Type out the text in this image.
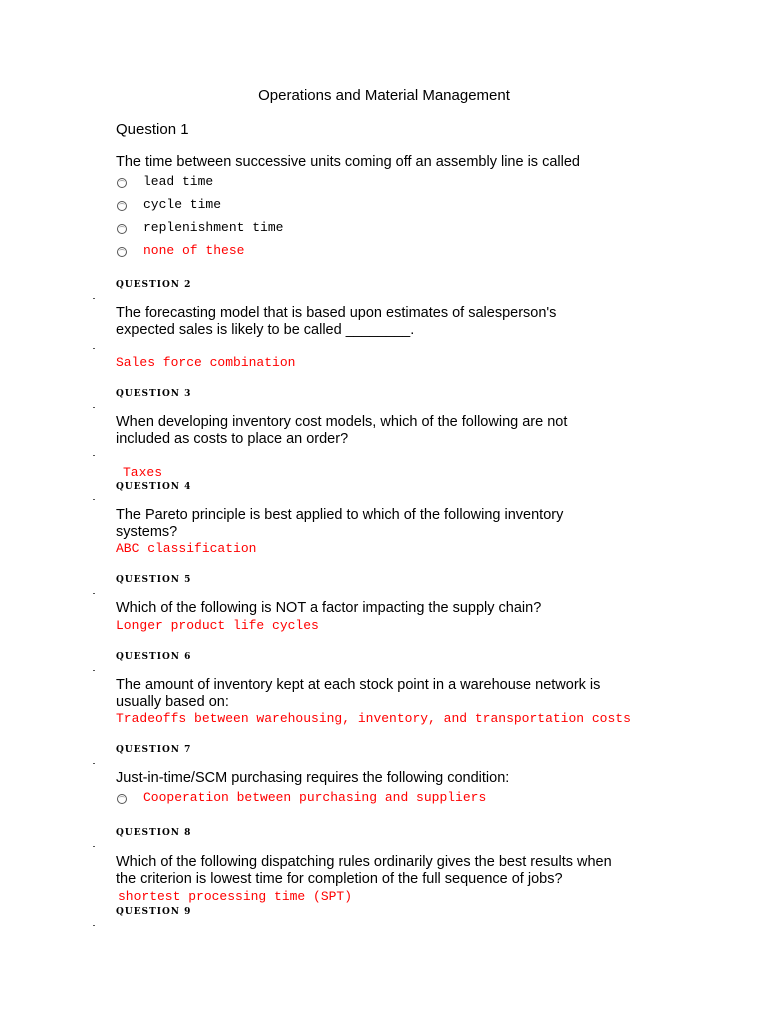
Operations and Material Management
Question 1
The time between successive units coming off an assembly line is called
lead time
cycle time
replenishment time
none of these
QUESTION 2
The forecasting model that is based upon estimates of salesperson's
expected sales is likely to be called ________.
Sales force combination
QUESTION 3
When developing inventory cost models, which of the following are not
included as costs to place an order?
Taxes
QUESTION 4
The Pareto principle is best applied to which of the following inventory
systems?
ABC classification
QUESTION 5
Which of the following is NOT a factor impacting the supply chain?
Longer product life cycles
QUESTION 6
The amount of inventory kept at each stock point in a warehouse network is
usually based on:
Tradeoffs between warehousing, inventory, and transportation costs
QUESTION 7
Just-in-time/SCM purchasing requires the following condition:
Cooperation between purchasing and suppliers
QUESTION 8
Which of the following dispatching rules ordinarily gives the best results when
the criterion is lowest time for completion of the full sequence of jobs?
shortest processing time (SPT)
QUESTION 9
